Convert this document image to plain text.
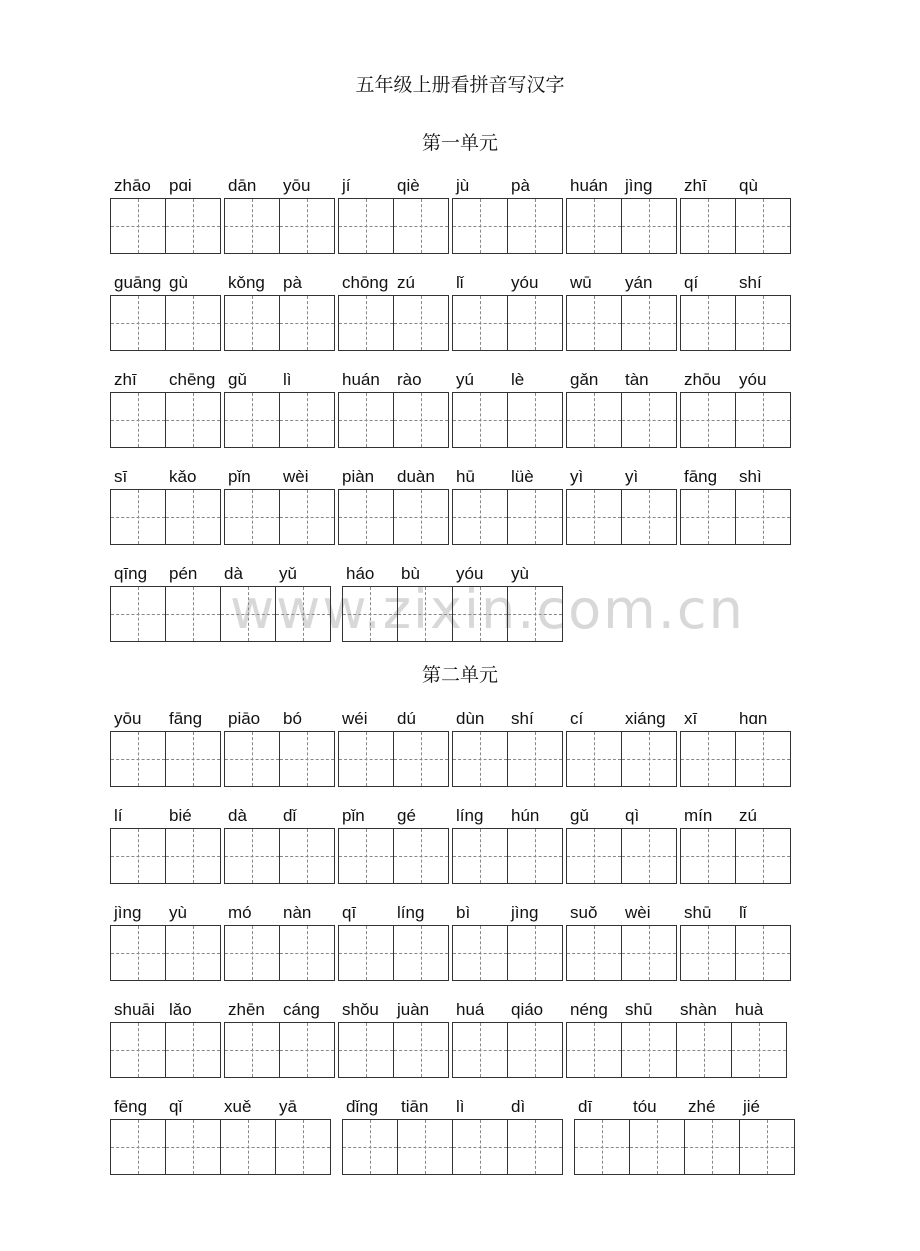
五年级上册看拼音写汉字
第一单元
第二单元
www.zixin.com.cn
zhāo pɑi dān yōu jí	qiè jù pà huán jìng zhī qù
guāng gù kǒng pà chōng zú lǐ	yóu wū yán qí shí
zhī chēng gǔ lì	huán rào yú lè	gǎn tàn zhōu yóu
sī kǎo pǐn wèi piàn duàn hū lüè yì yì	fāng shì
qīng pén dà yǔ	háo bù yóu yù
yōu fāng piāo bó wéi dú dùn shí cí xiáng xī hɑn
lí	bié dà dǐ	pǐn gé líng hún gǔ qì	mín zú
jìng yù mó nàn qī líng bì jìng suǒ wèi shū lǐ
shuāi lǎo zhēn cáng shǒu juàn huá qiáo néng shū shàn huà
fēng qǐ xuě yā	dǐng tiān lì	dì	dī tóu zhé jié
